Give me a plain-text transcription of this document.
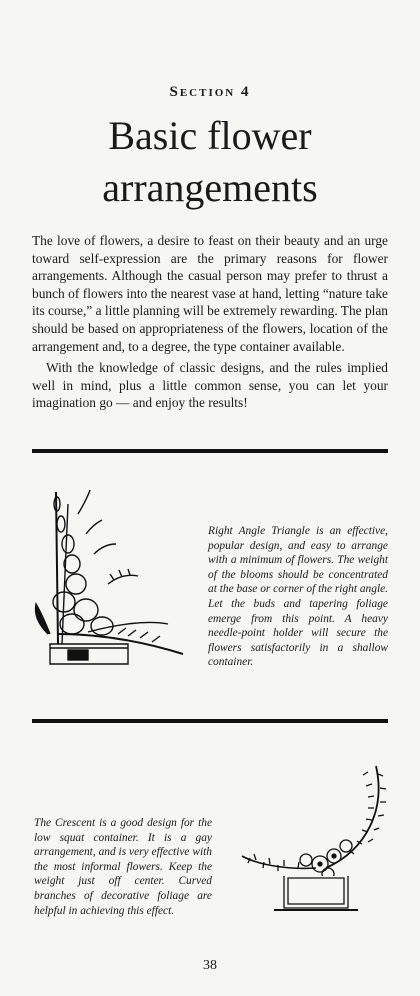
Section 4
Basic flower
arrangements

The love of flowers, a desire to feast on their beauty and an urge toward self-expression are the primary reasons for flower arrangements. Although the casual person may prefer to thrust a bunch of flowers into the nearest vase at hand, letting “nature take its course,” a little planning will be extremely rewarding. The plan should be based on appropriateness of the flowers, location of the arrangement and, to a degree, the type container available.

With the knowledge of classic designs, and the rules implied well in mind, plus a little common sense, you can let your imagination go — and enjoy the results!

Right Angle Triangle is an effective, popular design, and easy to arrange with a minimum of flowers. The weight of the blooms should be concentrated at the base or corner of the right angle. Let the buds and tapering foliage emerge from this point. A heavy needle-point holder will secure the flowers satisfactorily in a shallow container.
The Crescent is a good design for the low squat container. It is a gay arrangement, and is very effective with the most informal flowers. Keep the weight just off center. Curved branches of decorative foliage are helpful in achieving this effect.
38
